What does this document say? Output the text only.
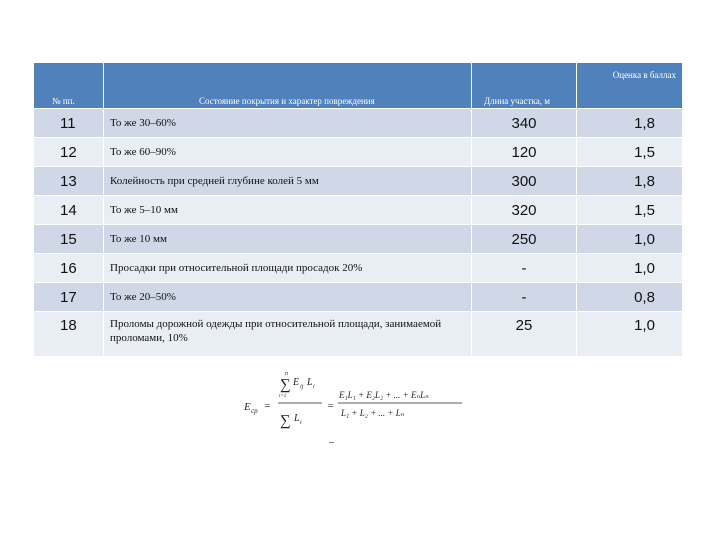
№ пп.	Состояние покрытия и характер повреждения	Длина участка, м	Оценка в баллах
11	То же 30–60%	340	1,8
12	То же 60–90%	120	1,5
13	Колейность при средней глубине колей 5 мм	300	1,8
14	То же 5–10 мм	320	1,5
15	То же 10 мм	250	1,0
16	Просадки при относительной площади просадок 20%	-	1,0
17	То же 20–50%	-	0,8
18	Проломы дорожной одежды при относительной площади, занимаемой проломами, 10%	25	1,0
E ср =
n
∑
i=1
E ij L i
∑ L i
=
E₁L₁ + E₂L₂ + ... + EₙLₙ
L₁ + L₂ + ... + Lₙ
–
